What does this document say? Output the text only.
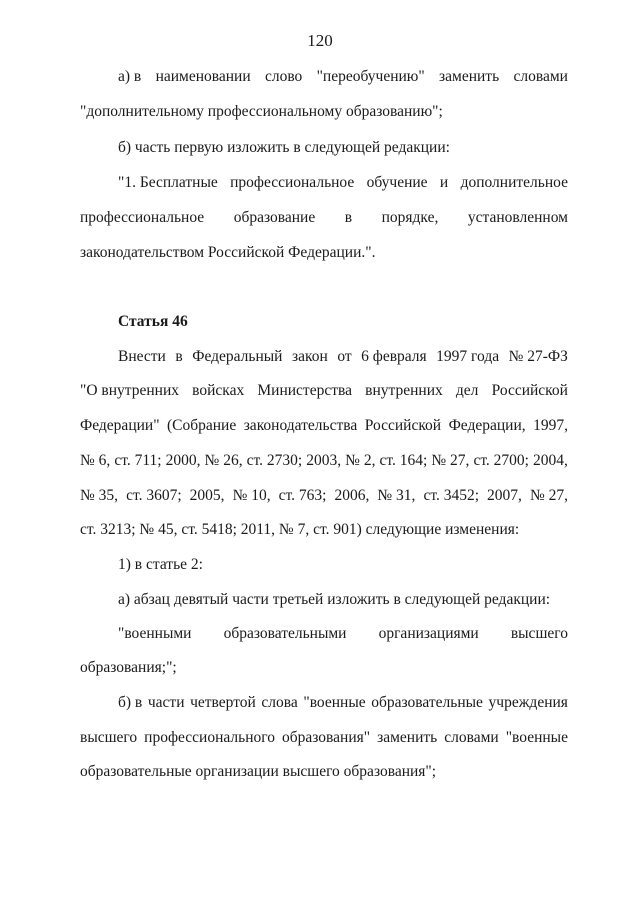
120
а) в наименовании слово "переобучению" заменить словами
"дополнительному профессиональному образованию";
б) часть первую изложить в следующей редакции:
"1. Бесплатные профессиональное обучение и дополнительное
профессиональное образование в порядке, установленном
законодательством Российской Федерации.".
Статья 46
Внести в Федеральный закон от 6 февраля 1997 года № 27-ФЗ
"О внутренних войсках Министерства внутренних дел Российской
Федерации" (Собрание законодательства Российской Федерации, 1997,
№ 6, ст. 711; 2000, № 26, ст. 2730; 2003, № 2, ст. 164; № 27, ст. 2700; 2004,
№ 35, ст. 3607; 2005, № 10, ст. 763; 2006, № 31, ст. 3452; 2007, № 27,
ст. 3213; № 45, ст. 5418; 2011, № 7, ст. 901) следующие изменения:
1) в статье 2:
а) абзац девятый части третьей изложить в следующей редакции:
"военными образовательными организациями высшего
образования;";
б) в части четвертой слова "военные образовательные учреждения
высшего профессионального образования" заменить словами "военные
образовательные организации высшего образования";
